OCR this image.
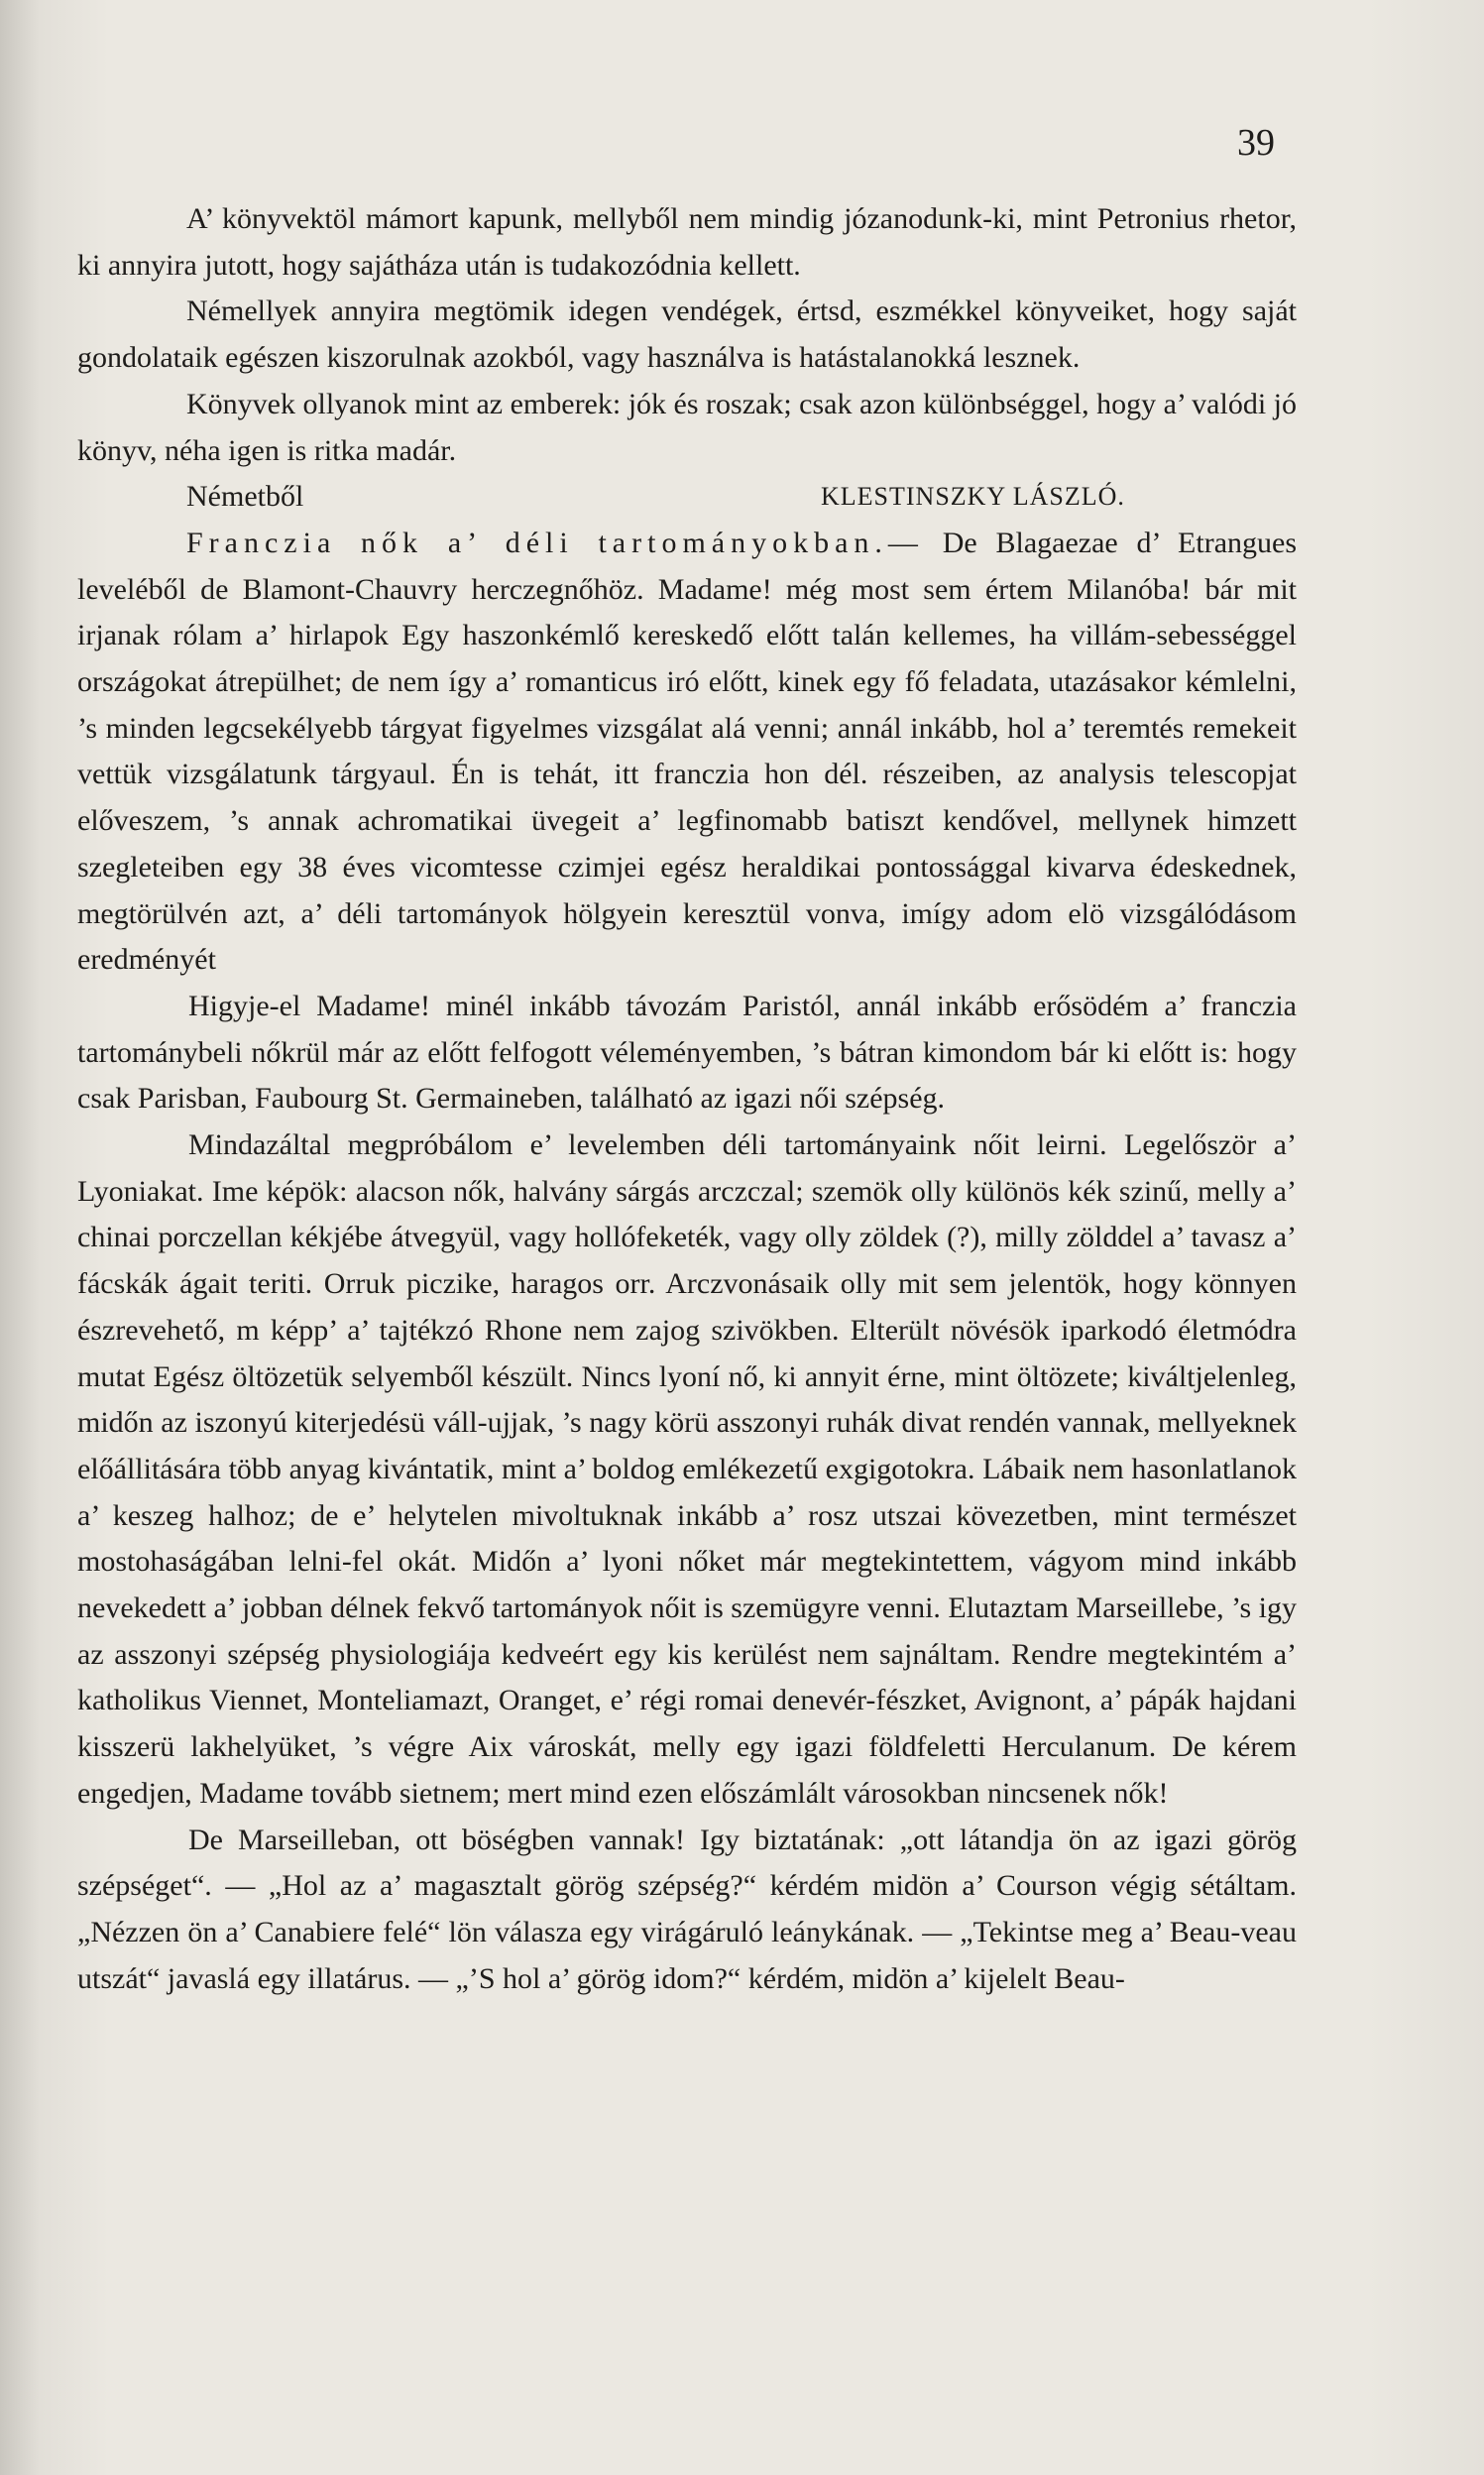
39

A’ könyvektöl mámort kapunk, mellyből nem mindig józanodunk-ki, mint Petronius rhetor, ki annyira jutott, hogy sajátháza után is tudakozódnia kellett.

Némellyek annyira megtömik idegen vendégek, értsd, eszmékkel könyveiket, hogy saját gondolataik egészen kiszorulnak azokból, vagy használva is hatástalanokká lesznek.

Könyvek ollyanok mint az emberek: jók és roszak; csak azon különbséggel, hogy a’ valódi jó könyv, néha igen is ritka madár.

Németből	KLESTINSZKY LÁSZLÓ.

Franczia nők a’ déli tartományokban.— De Blagaezae d’ Etrangues leveléből de Blamont-Chauvry herczegnőhöz. Madame! még most sem értem Milanóba! bár mit irjanak rólam a’ hirlapok Egy haszonkémlő kereskedő előtt talán kellemes, ha villám-sebességgel országokat átrepülhet; de nem így a’ romanticus iró előtt, kinek egy fő feladata, utazásakor kémlelni, ’s minden legcsekélyebb tárgyat figyelmes vizsgálat alá venni; annál inkább, hol a’ teremtés remekeit vettük vizsgálatunk tárgyaul. Én is tehát, itt franczia hon dél. részeiben, az analysis telescopjat előveszem, ’s annak achromatikai üvegeit a’ legfinomabb batiszt kendővel, mellynek himzett szegleteiben egy 38 éves vicomtesse czimjei egész heraldikai pontossággal kivarva édeskednek, megtörülvén azt, a’ déli tartományok hölgyein keresztül vonva, imígy adom elö vizsgálódásom eredményét

Higyje-el Madame! minél inkább távozám Paristól, annál inkább erősödém a’ franczia tartománybeli nőkrül már az előtt felfogott véleményemben, ’s bátran kimondom bár ki előtt is: hogy csak Parisban, Faubourg St. Germaineben, található az igazi női szépség.

Mindazáltal megpróbálom e’ levelemben déli tartományaink nőit leirni. Legelőször a’ Lyoniakat. Ime képök: alacson nők, halvány sárgás arczczal; szemök olly különös kék szinű, melly a’ chinai porczellan kékjébe átvegyül, vagy hollófeketék, vagy olly zöldek (?), milly zölddel a’ tavasz a’ fácskák ágait teriti. Orruk piczike, haragos orr. Arczvonásaik olly mit sem jelentök, hogy könnyen észrevehető, m képp’ a’ tajtékzó Rhone nem zajog szivökben. Elterült növésök iparkodó életmódra mutat Egész öltözetük selyemből készült. Nincs lyoní nő, ki annyit érne, mint öltözete; kiváltjelenleg, midőn az iszonyú kiterjedésü váll-ujjak, ’s nagy körü asszonyi ruhák divat rendén vannak, mellyeknek előállitására több anyag kivántatik, mint a’ boldog emlékezetű exgigotokra. Lábaik nem hasonlatlanok a’ keszeg halhoz; de e’ helytelen mivoltuknak inkább a’ rosz utszai kövezetben, mint természet mostohaságában lelni-fel okát. Midőn a’ lyoni nőket már megtekintettem, vágyom mind inkább nevekedett a’ jobban délnek fekvő tartományok nőit is szemügyre venni. Elutaztam Marseillebe, ’s igy az asszonyi szépség physiologiája kedveért egy kis kerülést nem sajnáltam. Rendre megtekintém a’ katholikus Viennet, Monteliamazt, Oranget, e’ régi romai denevér-fészket, Avignont, a’ pápák hajdani kisszerü lakhelyüket, ’s végre Aix városkát, melly egy igazi földfeletti Herculanum. De kérem engedjen, Madame tovább sietnem; mert mind ezen előszámlált városokban nincsenek nők!

De Marseilleban, ott böségben vannak! Igy biztatának: „ott látandja ön az igazi görög szépséget“. — „Hol az a’ magasztalt görög szépség?“ kérdém midön a’ Courson végig sétáltam. „Nézzen ön a’ Canabiere felé“ lön válasza egy virágáruló leánykának. — „Tekintse meg a’ Beau-veau utszát“ javaslá egy illatárus. — „’S hol a’ görög idom?“ kérdém, midön a’ kijelelt Beau-
